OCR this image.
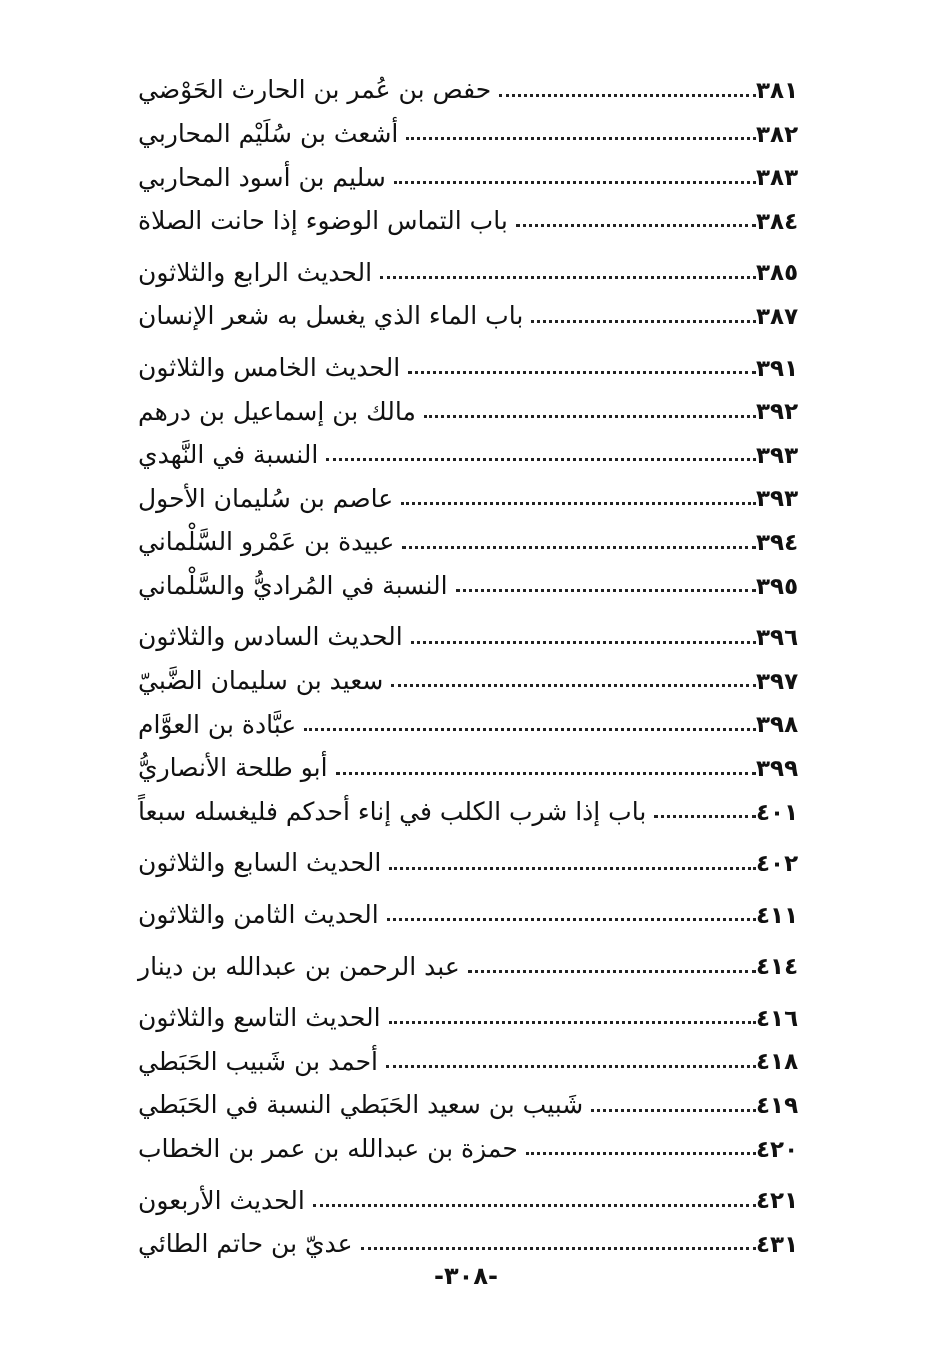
حفص بن عُمر بن الحارث الحَوْضي	٣٨١
أشعث بن سُلَيْم المحاربي	٣٨٢
سليم بن أسود المحاربي	٣٨٣
باب التماس الوضوء إذا حانت الصلاة	٣٨٤
الحديث الرابع والثلاثون	٣٨٥
باب الماء الذي يغسل به شعر الإنسان	٣٨٧
الحديث الخامس والثلاثون	٣٩١
مالك بن إسماعيل بن درهم	٣٩٢
النسبة في النَّهدي	٣٩٣
عاصم بن سُليمان الأحول	٣٩٣
عبيدة بن عَمْرو السَّلْماني	٣٩٤
النسبة في المُراديُّ والسَّلْماني	٣٩٥
الحديث السادس والثلاثون	٣٩٦
سعيد بن سليمان الضَّبيّ	٣٩٧
عبَّادة بن العوَّام	٣٩٨
أبو طلحة الأنصاريُّ	٣٩٩
باب إذا شرب الكلب في إناء أحدكم فليغسله سبعاً	٤٠١
الحديث السابع والثلاثون	٤٠٢
الحديث الثامن والثلاثون	٤١١
عبد الرحمن بن عبدالله بن دينار	٤١٤
الحديث التاسع والثلاثون	٤١٦
أحمد بن شَبيب الحَبَطي	٤١٨
شَبيب بن سعيد الحَبَطي النسبة في الحَبَطي	٤١٩
حمزة بن عبدالله بن عمر بن الخطاب	٤٢٠
الحديث الأربعون	٤٢١
عديّ بن حاتم الطائي	٤٣١
-٣٠٨-
